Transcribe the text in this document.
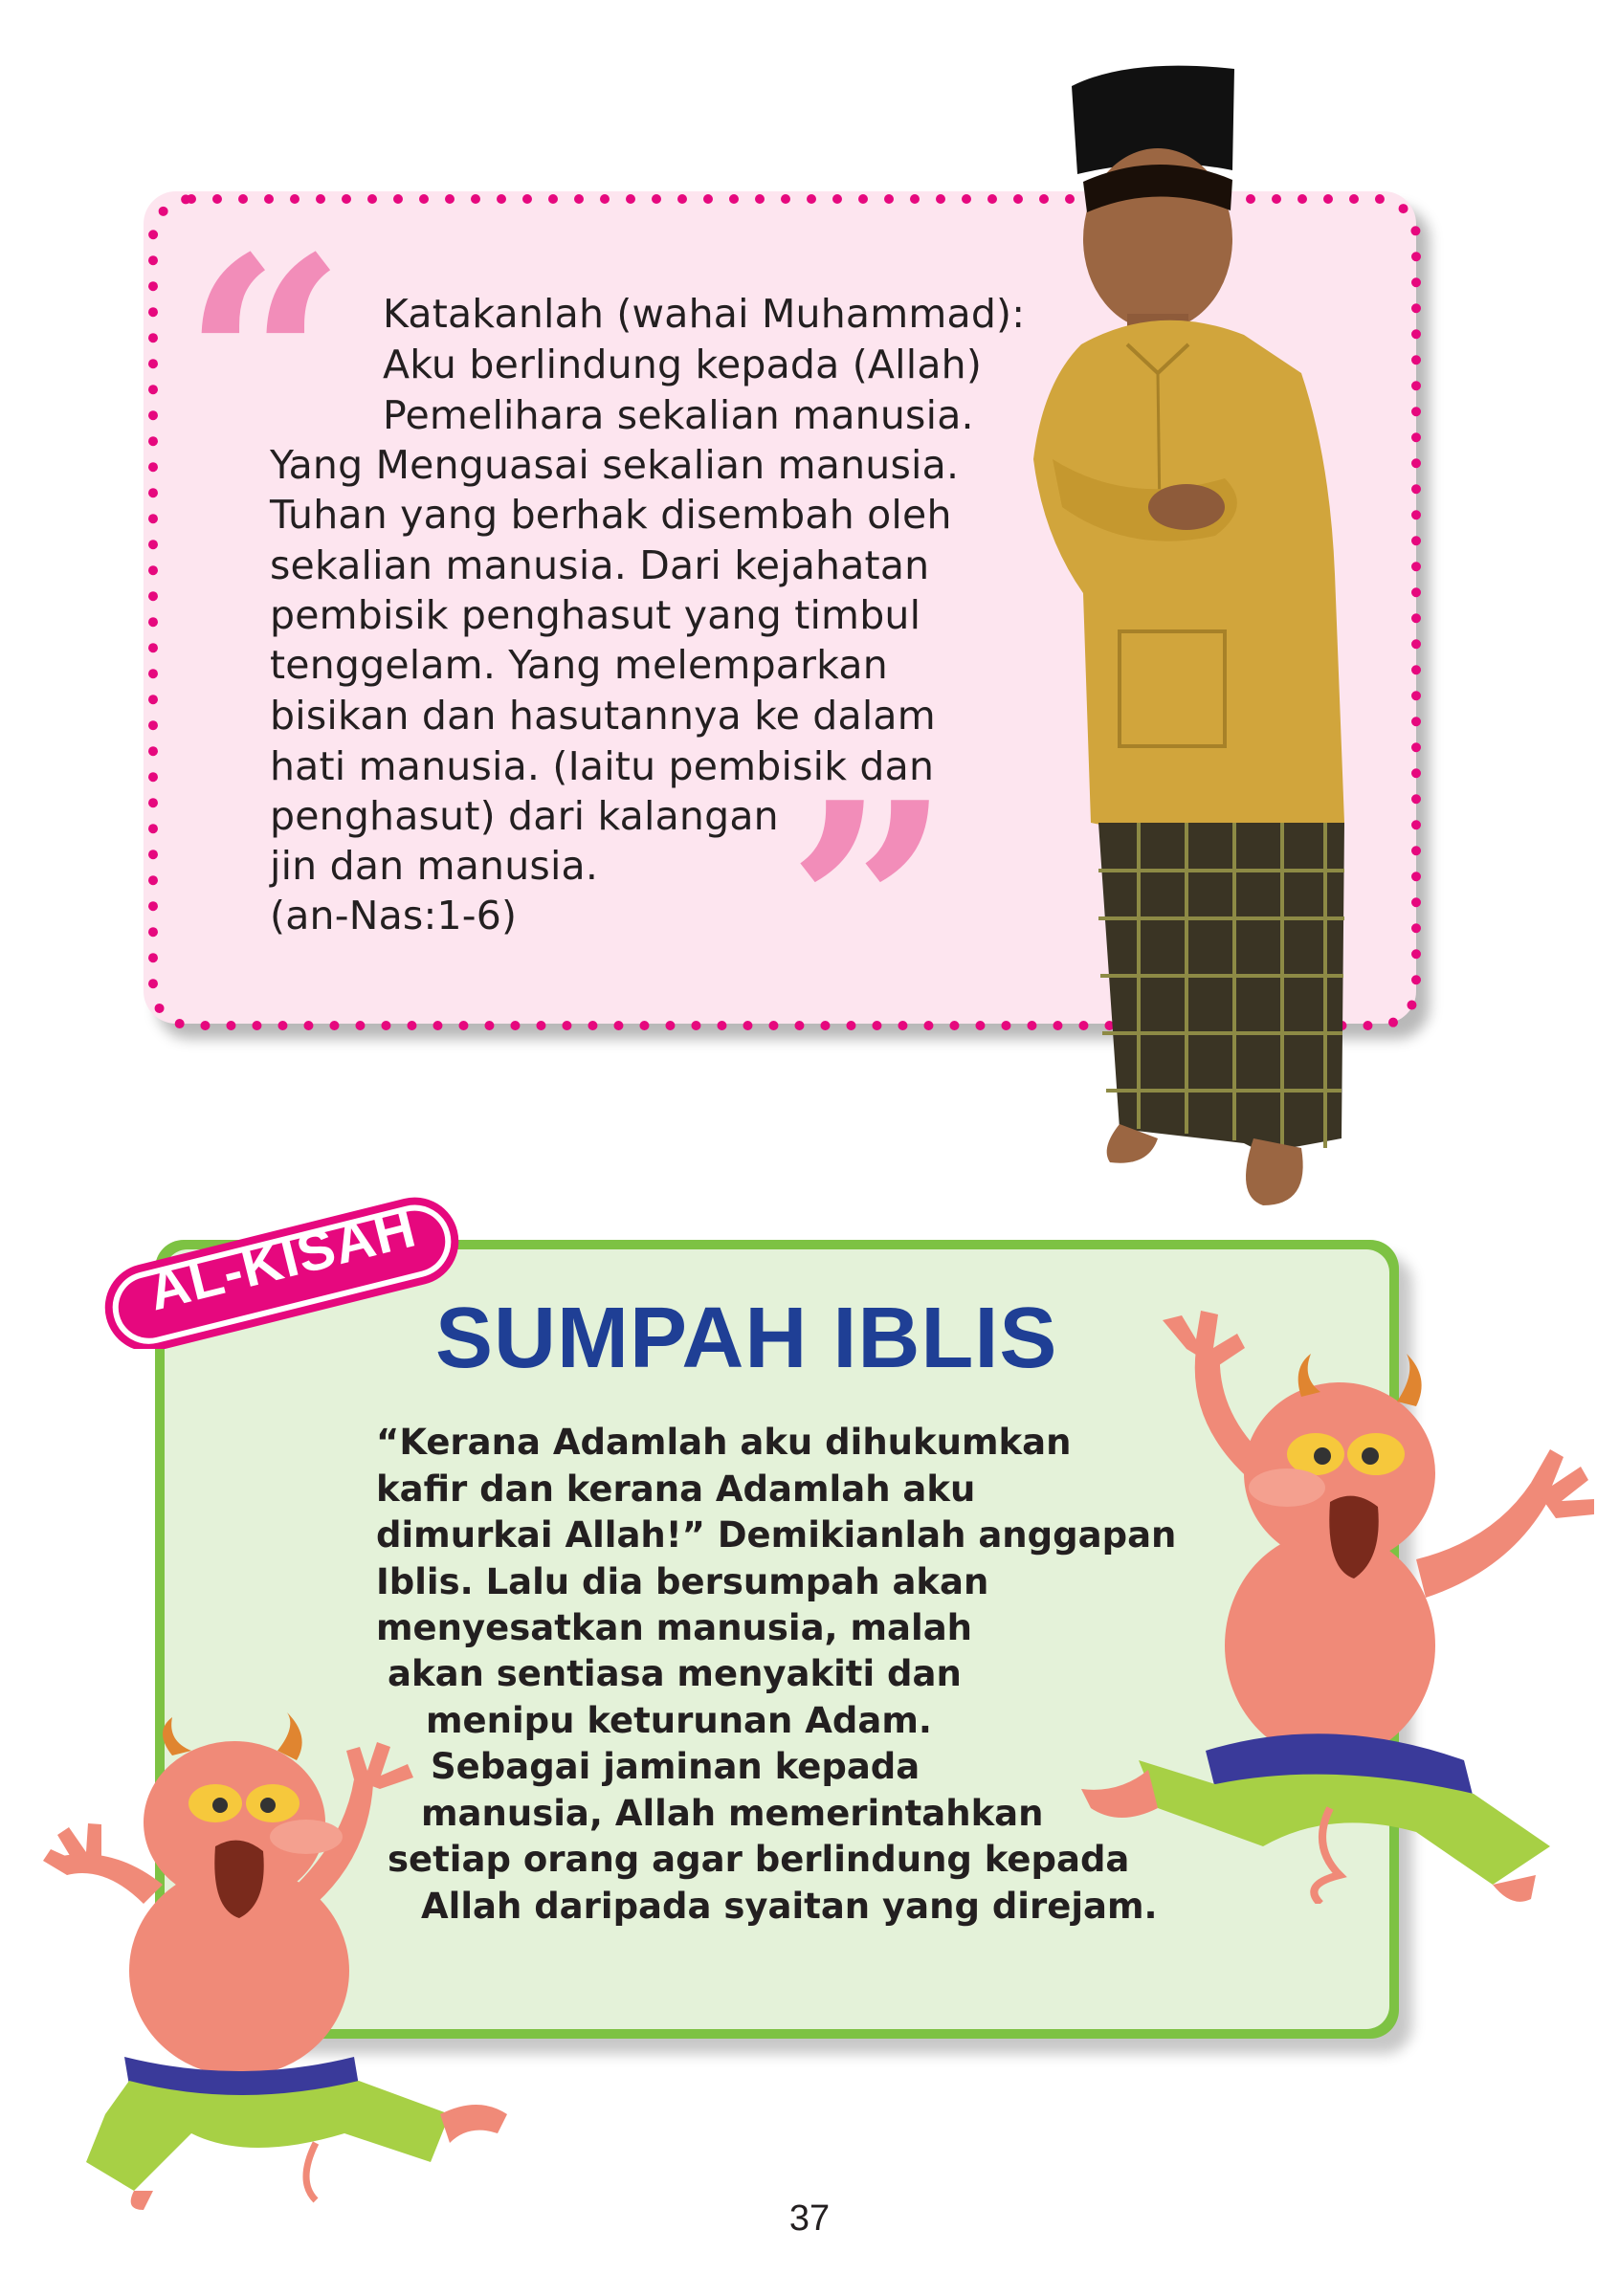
“
”
Katakanlah (wahai Muhammad):
Aku berlindung kepada (Allah)
Pemelihara sekalian manusia.
Yang Menguasai sekalian manusia.
Tuhan yang berhak disembah oleh
sekalian manusia. Dari kejahatan
pembisik penghasut yang timbul
tenggelam. Yang melemparkan
bisikan dan hasutannya ke dalam
hati manusia. (Iaitu pembisik dan
penghasut) dari kalangan
jin dan manusia.
(an-Nas:1-6)
AL-KISAH
SUMPAH IBLIS
“Kerana Adamlah aku dihukumkan
kafir dan kerana Adamlah aku
dimurkai Allah!” Demikianlah anggapan
Iblis. Lalu dia bersumpah akan
menyesatkan manusia, malah
akan sentiasa menyakiti dan
menipu keturunan Adam.
Sebagai jaminan kepada
manusia, Allah memerintahkan
setiap orang agar berlindung kepada
Allah daripada syaitan yang direjam.
37
